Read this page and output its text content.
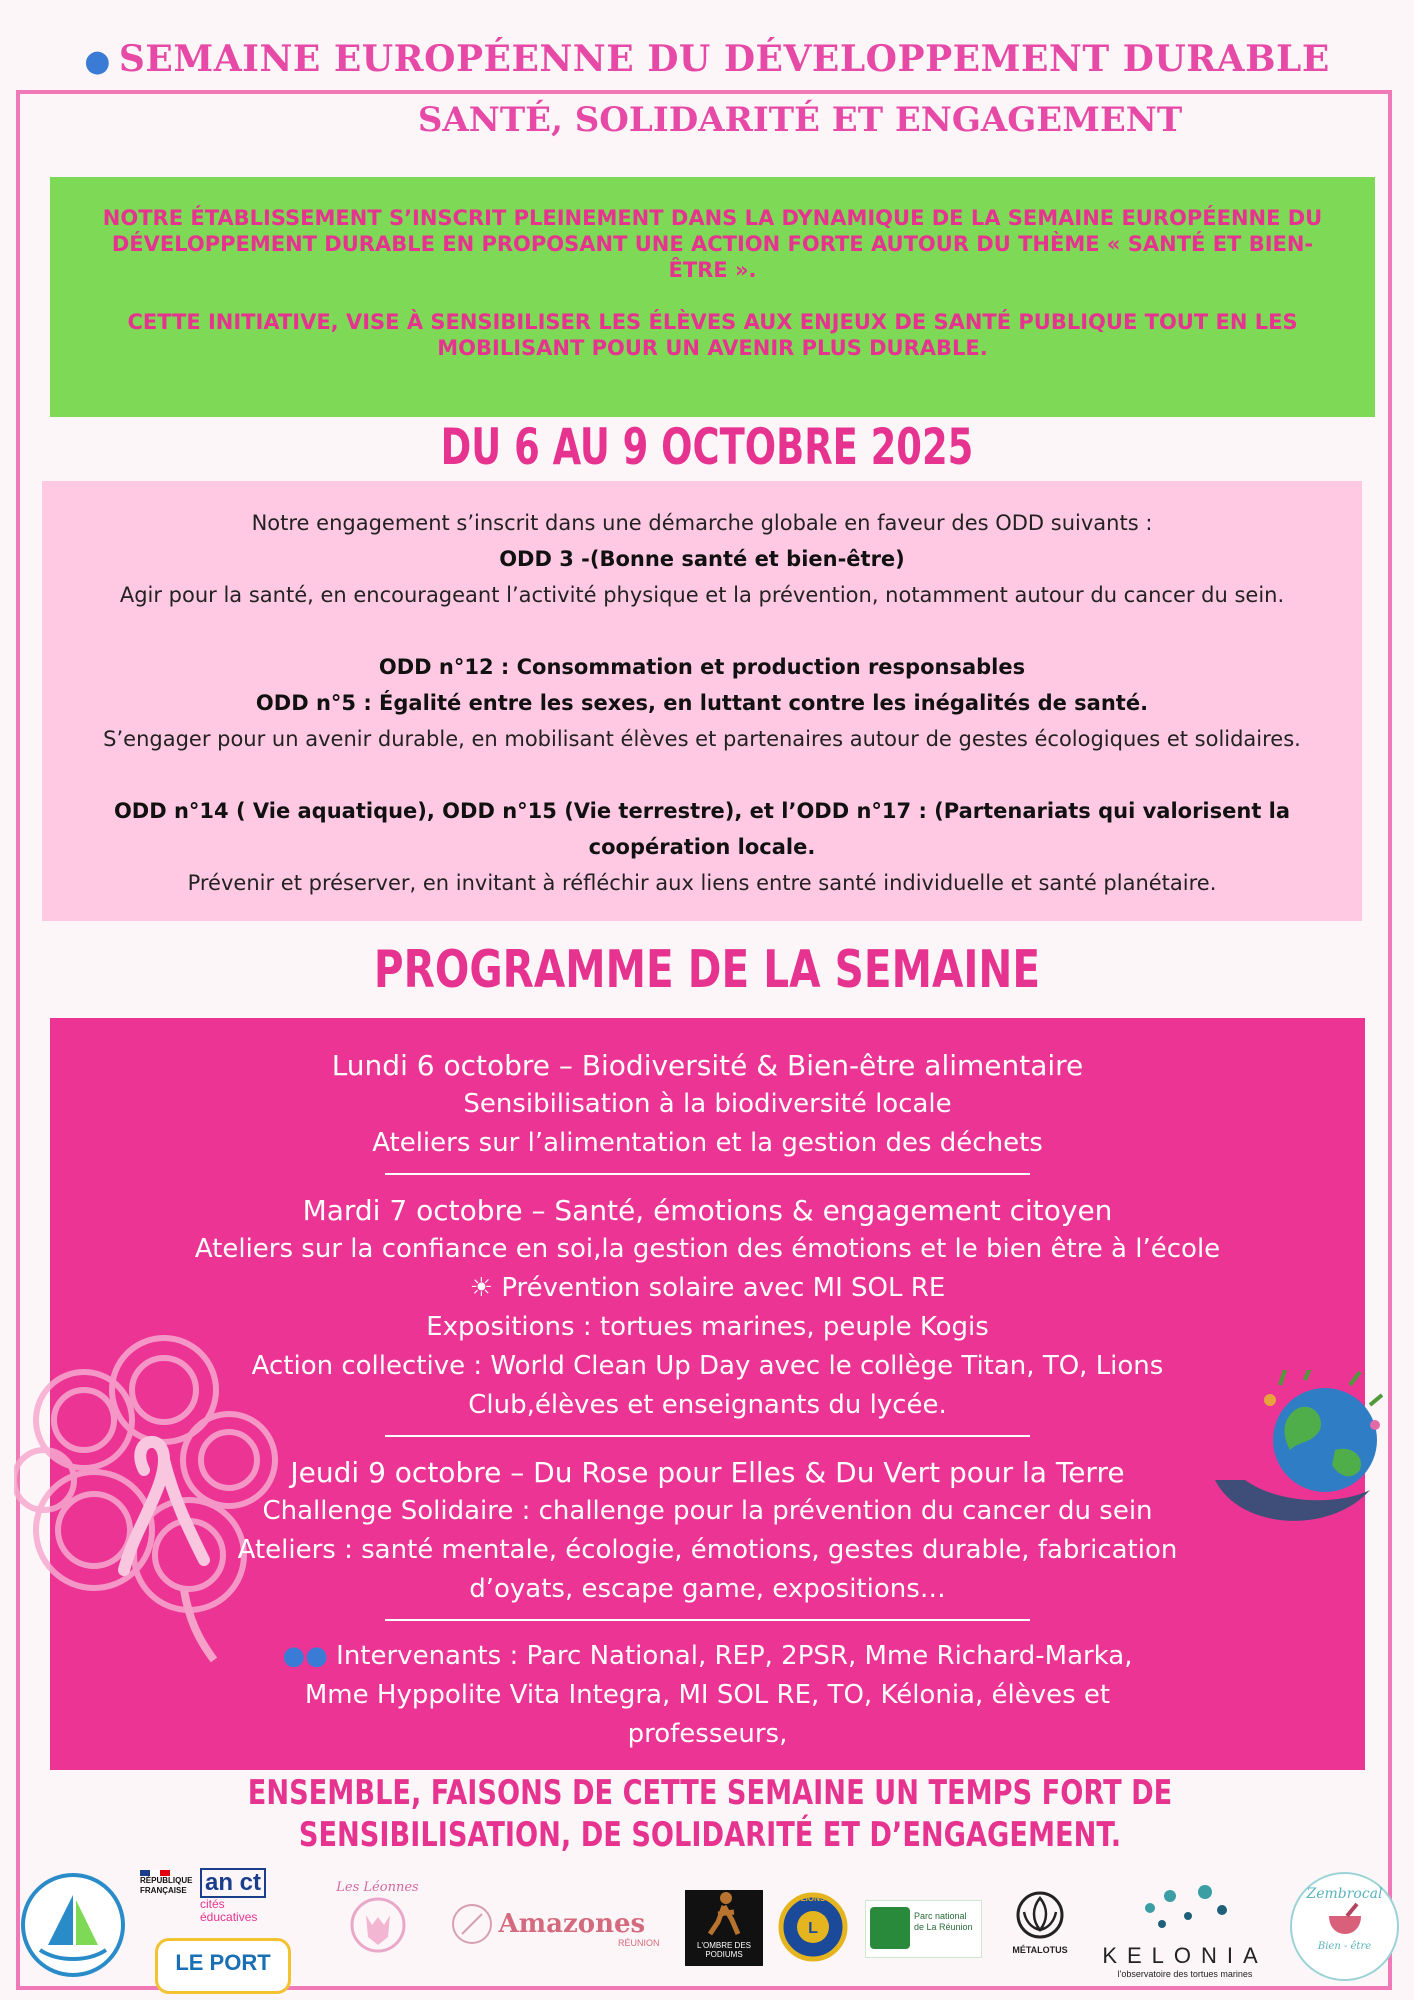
● SEMAINE EUROPÉENNE DU DÉVELOPPEMENT DURABLE
SANTÉ, SOLIDARITÉ ET ENGAGEMENT

NOTRE ÉTABLISSEMENT S’INSCRIT PLEINEMENT DANS LA DYNAMIQUE DE LA SEMAINE EUROPÉENNE DU DÉVELOPPEMENT DURABLE EN PROPOSANT UNE ACTION FORTE AUTOUR DU THÈME « SANTÉ ET BIEN-ÊTRE ».

CETTE INITIATIVE, VISE À SENSIBILISER LES ÉLÈVES AUX ENJEUX DE SANTÉ PUBLIQUE TOUT EN LES MOBILISANT POUR UN AVENIR PLUS DURABLE.

DU 6 AU 9 OCTOBRE 2025
Notre engagement s’inscrit dans une démarche globale en faveur des ODD suivants :
ODD 3 -(Bonne santé et bien-être)
Agir pour la santé, en encourageant l’activité physique et la prévention, notamment autour du cancer du sein.
ODD n°12 : Consommation et production responsables
ODD n°5 : Égalité entre les sexes, en luttant contre les inégalités de santé.
S’engager pour un avenir durable, en mobilisant élèves et partenaires autour de gestes écologiques et solidaires.
ODD n°14 ( Vie aquatique), ODD n°15 (Vie terrestre), et l’ODD n°17 : (Partenariats qui valorisent la coopération locale.
Prévenir et préserver, en invitant à réfléchir aux liens entre santé individuelle et santé planétaire.
PROGRAMME DE LA SEMAINE
Lundi 6 octobre – Biodiversité & Bien-être alimentaire
Sensibilisation à la biodiversité locale
Ateliers sur l’alimentation et la gestion des déchets
Mardi 7 octobre – Santé, émotions & engagement citoyen
Ateliers sur la confiance en soi,la gestion des émotions et le bien être à l’école
☀ Prévention solaire avec MI SOL RE
Expositions : tortues marines, peuple Kogis
Action collective : World Clean Up Day avec le collège Titan, TO, Lions Club,élèves et enseignants du lycée.
Jeudi 9 octobre – Du Rose pour Elles & Du Vert pour la Terre
Challenge Solidaire : challenge pour la prévention du cancer du sein
Ateliers : santé mentale, écologie, émotions, gestes durable, fabrication d’oyats, escape game, expositions…
●● Intervenants : Parc National, REP, 2PSR, Mme Richard-Marka, Mme Hyppolite Vita Integra, MI SOL RE, TO, Kélonia, élèves et professeurs,
ENSEMBLE, FAISONS DE CETTE SEMAINE UN TEMPS FORT DE SENSIBILISATION, DE SOLIDARITÉ ET D’ENGAGEMENT.
RÉPUBLIQUE FRANÇAISE an ct cités éducatives
LE PORT
Les Léonnes
Amazones
RÉUNION	L'OMBRE DES PODIUMS
L
LIONS
Parc national de La Réunion
MÉTALOTUS	KELONIA
l'observatoire des tortues marines
Zembrocal
Bien - être
